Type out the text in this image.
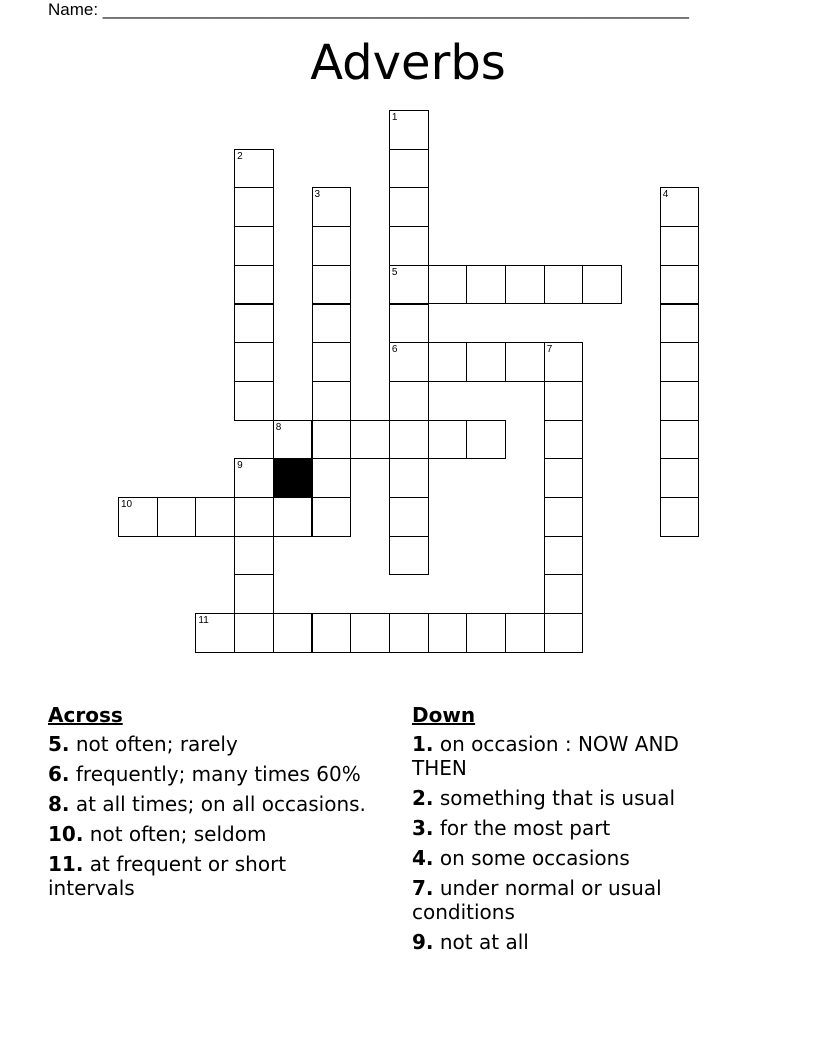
Name: ______________________________________________________________
Adverbs
1
5
6
2
3	4
7
8
9
10
11
Across
5. not often; rarely
6. frequently; many times 60%
8. at all times; on all occasions.
10. not often; seldom
11. at frequent or short intervals
Down
1. on occasion : NOW AND THEN
2. something that is usual
3. for the most part
4. on some occasions
7. under normal or usual conditions
9. not at all
